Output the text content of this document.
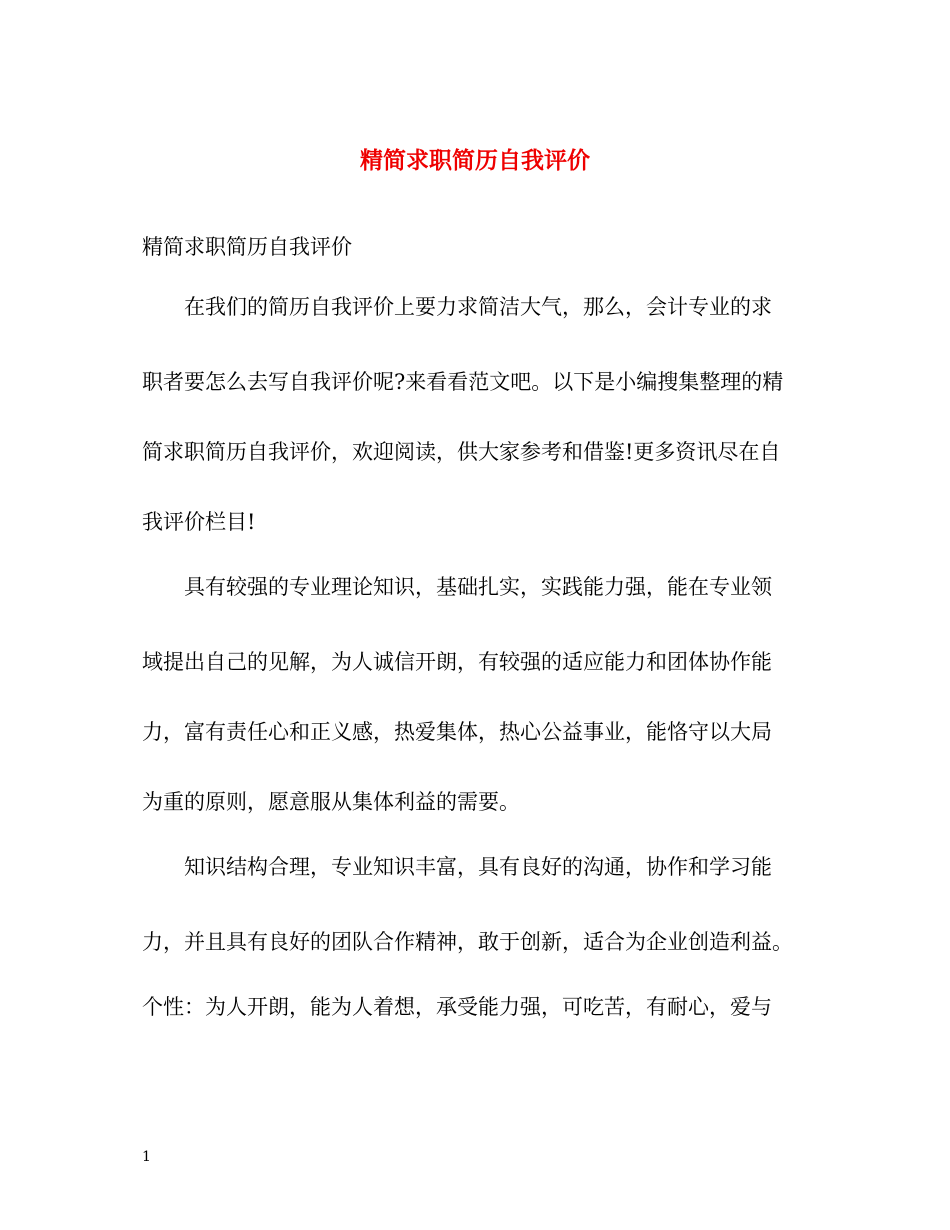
精简求职简历自我评价
精简求职简历自我评价
在我们的简历自我评价上要力求简洁大气，那么，会计专业的求
职者要怎么去写自我评价呢?来看看范文吧。以下是小编搜集整理的精
简求职简历自我评价，欢迎阅读，供大家参考和借鉴!更多资讯尽在自
我评价栏目!
具有较强的专业理论知识，基础扎实，实践能力强，能在专业领
域提出自己的见解，为人诚信开朗，有较强的适应能力和团体协作能
力，富有责任心和正义感，热爱集体，热心公益事业，能恪守以大局
为重的原则，愿意服从集体利益的需要。
知识结构合理，专业知识丰富，具有良好的沟通，协作和学习能
力，并且具有良好的团队合作精神，敢于创新，适合为企业创造利益。
个性：为人开朗，能为人着想，承受能力强，可吃苦，有耐心，爱与
1
